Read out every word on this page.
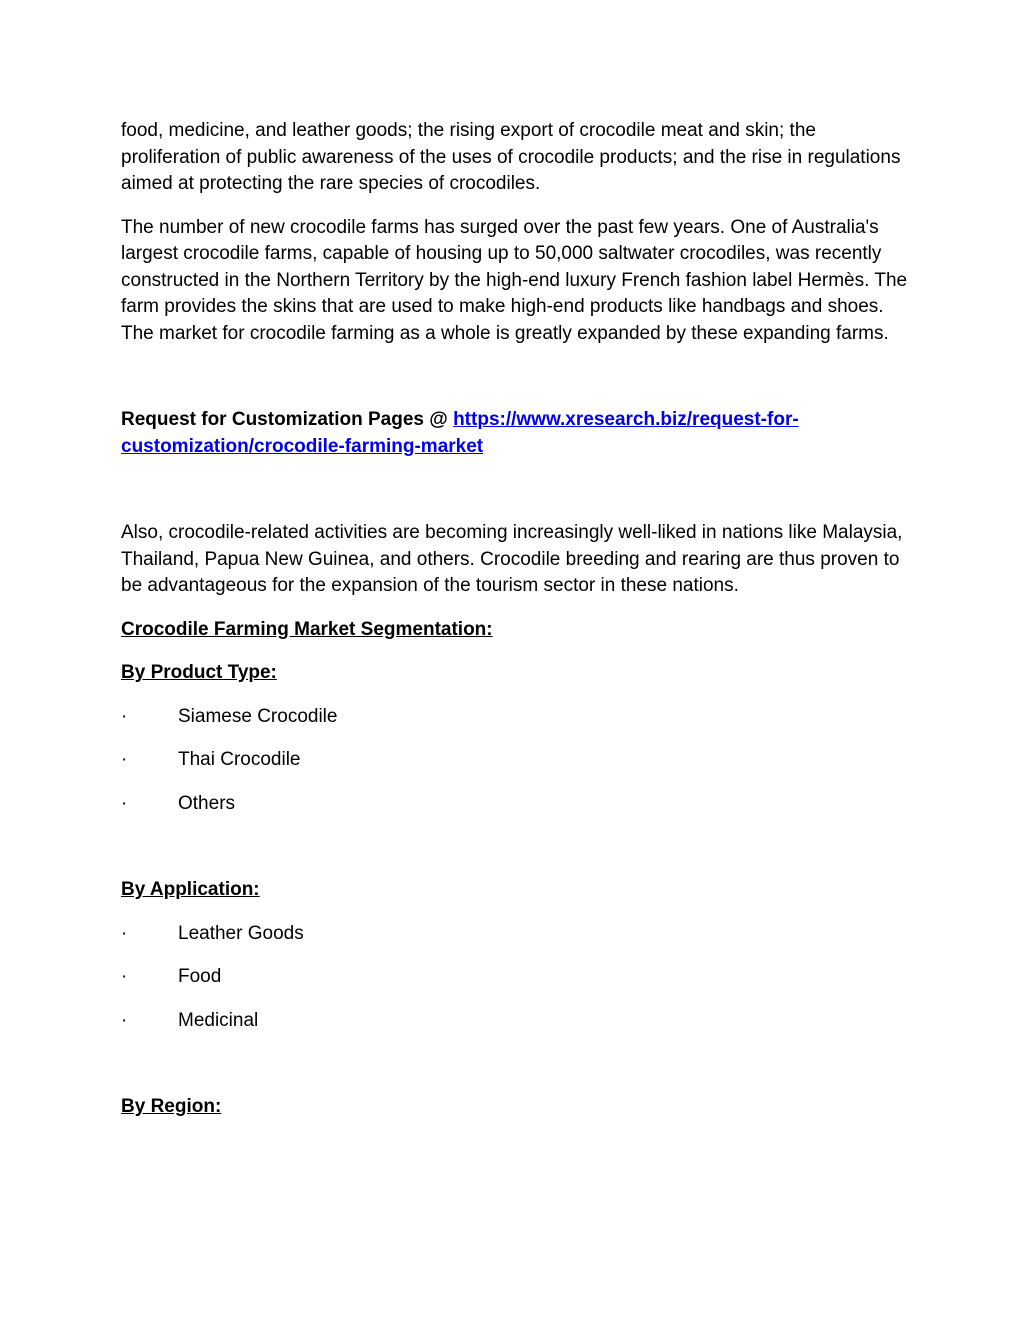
food, medicine, and leather goods; the rising export of crocodile meat and skin; the proliferation of public awareness of the uses of crocodile products; and the rise in regulations aimed at protecting the rare species of crocodiles.

The number of new crocodile farms has surged over the past few years. One of Australia's largest crocodile farms, capable of housing up to 50,000 saltwater crocodiles, was recently constructed in the Northern Territory by the high-end luxury French fashion label Hermès. The farm provides the skins that are used to make high-end products like handbags and shoes. The market for crocodile farming as a whole is greatly expanded by these expanding farms.

Request for Customization Pages @ https://www.xresearch.biz/request-for-customization/crocodile-farming-market

Also, crocodile-related activities are becoming increasingly well-liked in nations like Malaysia, Thailand, Papua New Guinea, and others. Crocodile breeding and rearing are thus proven to be advantageous for the expansion of the tourism sector in these nations.

Crocodile Farming Market Segmentation:

By Product Type:

·	Siamese Crocodile
·	Thai Crocodile
·	Others

By Application:

·	Leather Goods
·	Food
·	Medicinal

By Region:
